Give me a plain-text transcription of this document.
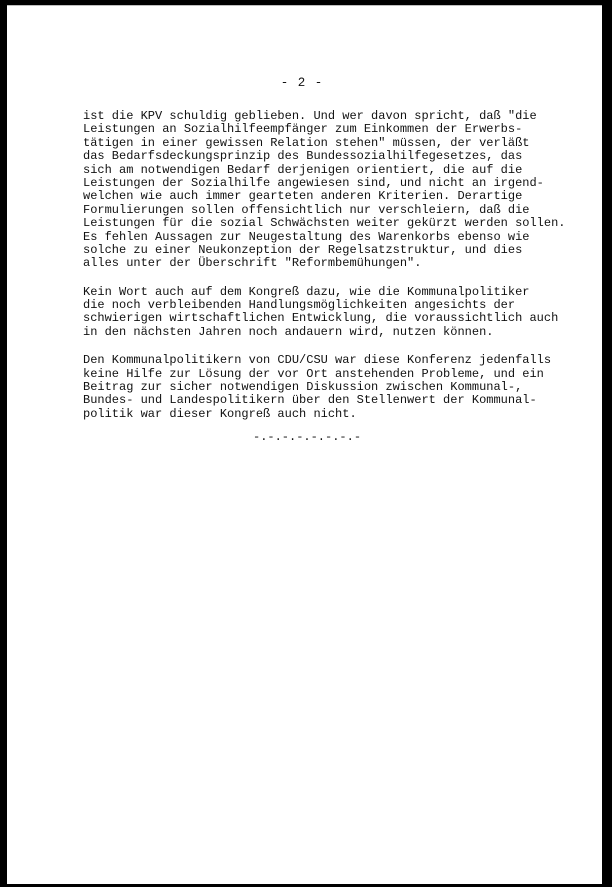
- 2 -

ist die KPV schuldig geblieben. Und wer davon spricht, daß "die
Leistungen an Sozialhilfeempfänger zum Einkommen der Erwerbs-
tätigen in einer gewissen Relation stehen" müssen, der verläßt
das Bedarfsdeckungsprinzip des Bundessozialhilfegesetzes, das
sich am notwendigen Bedarf derjenigen orientiert, die auf die
Leistungen der Sozialhilfe angewiesen sind, und nicht an irgend-
welchen wie auch immer gearteten anderen Kriterien. Derartige
Formulierungen sollen offensichtlich nur verschleiern, daß die
Leistungen für die sozial Schwächsten weiter gekürzt werden sollen.
Es fehlen Aussagen zur Neugestaltung des Warenkorbs ebenso wie
solche zu einer Neukonzeption der Regelsatzstruktur, und dies
alles unter der Überschrift "Reformbemühungen".

Kein Wort auch auf dem Kongreß dazu, wie die Kommunalpolitiker
die noch verbleibenden Handlungsmöglichkeiten angesichts der
schwierigen wirtschaftlichen Entwicklung, die voraussichtlich auch
in den nächsten Jahren noch andauern wird, nutzen können.

Den Kommunalpolitikern von CDU/CSU war diese Konferenz jedenfalls
keine Hilfe zur Lösung der vor Ort anstehenden Probleme, und ein
Beitrag zur sicher notwendigen Diskussion zwischen Kommunal-,
Bundes- und Landespolitikern über den Stellenwert der Kommunal-
politik war dieser Kongreß auch nicht.

-.-.-.-.-.-.-.-
